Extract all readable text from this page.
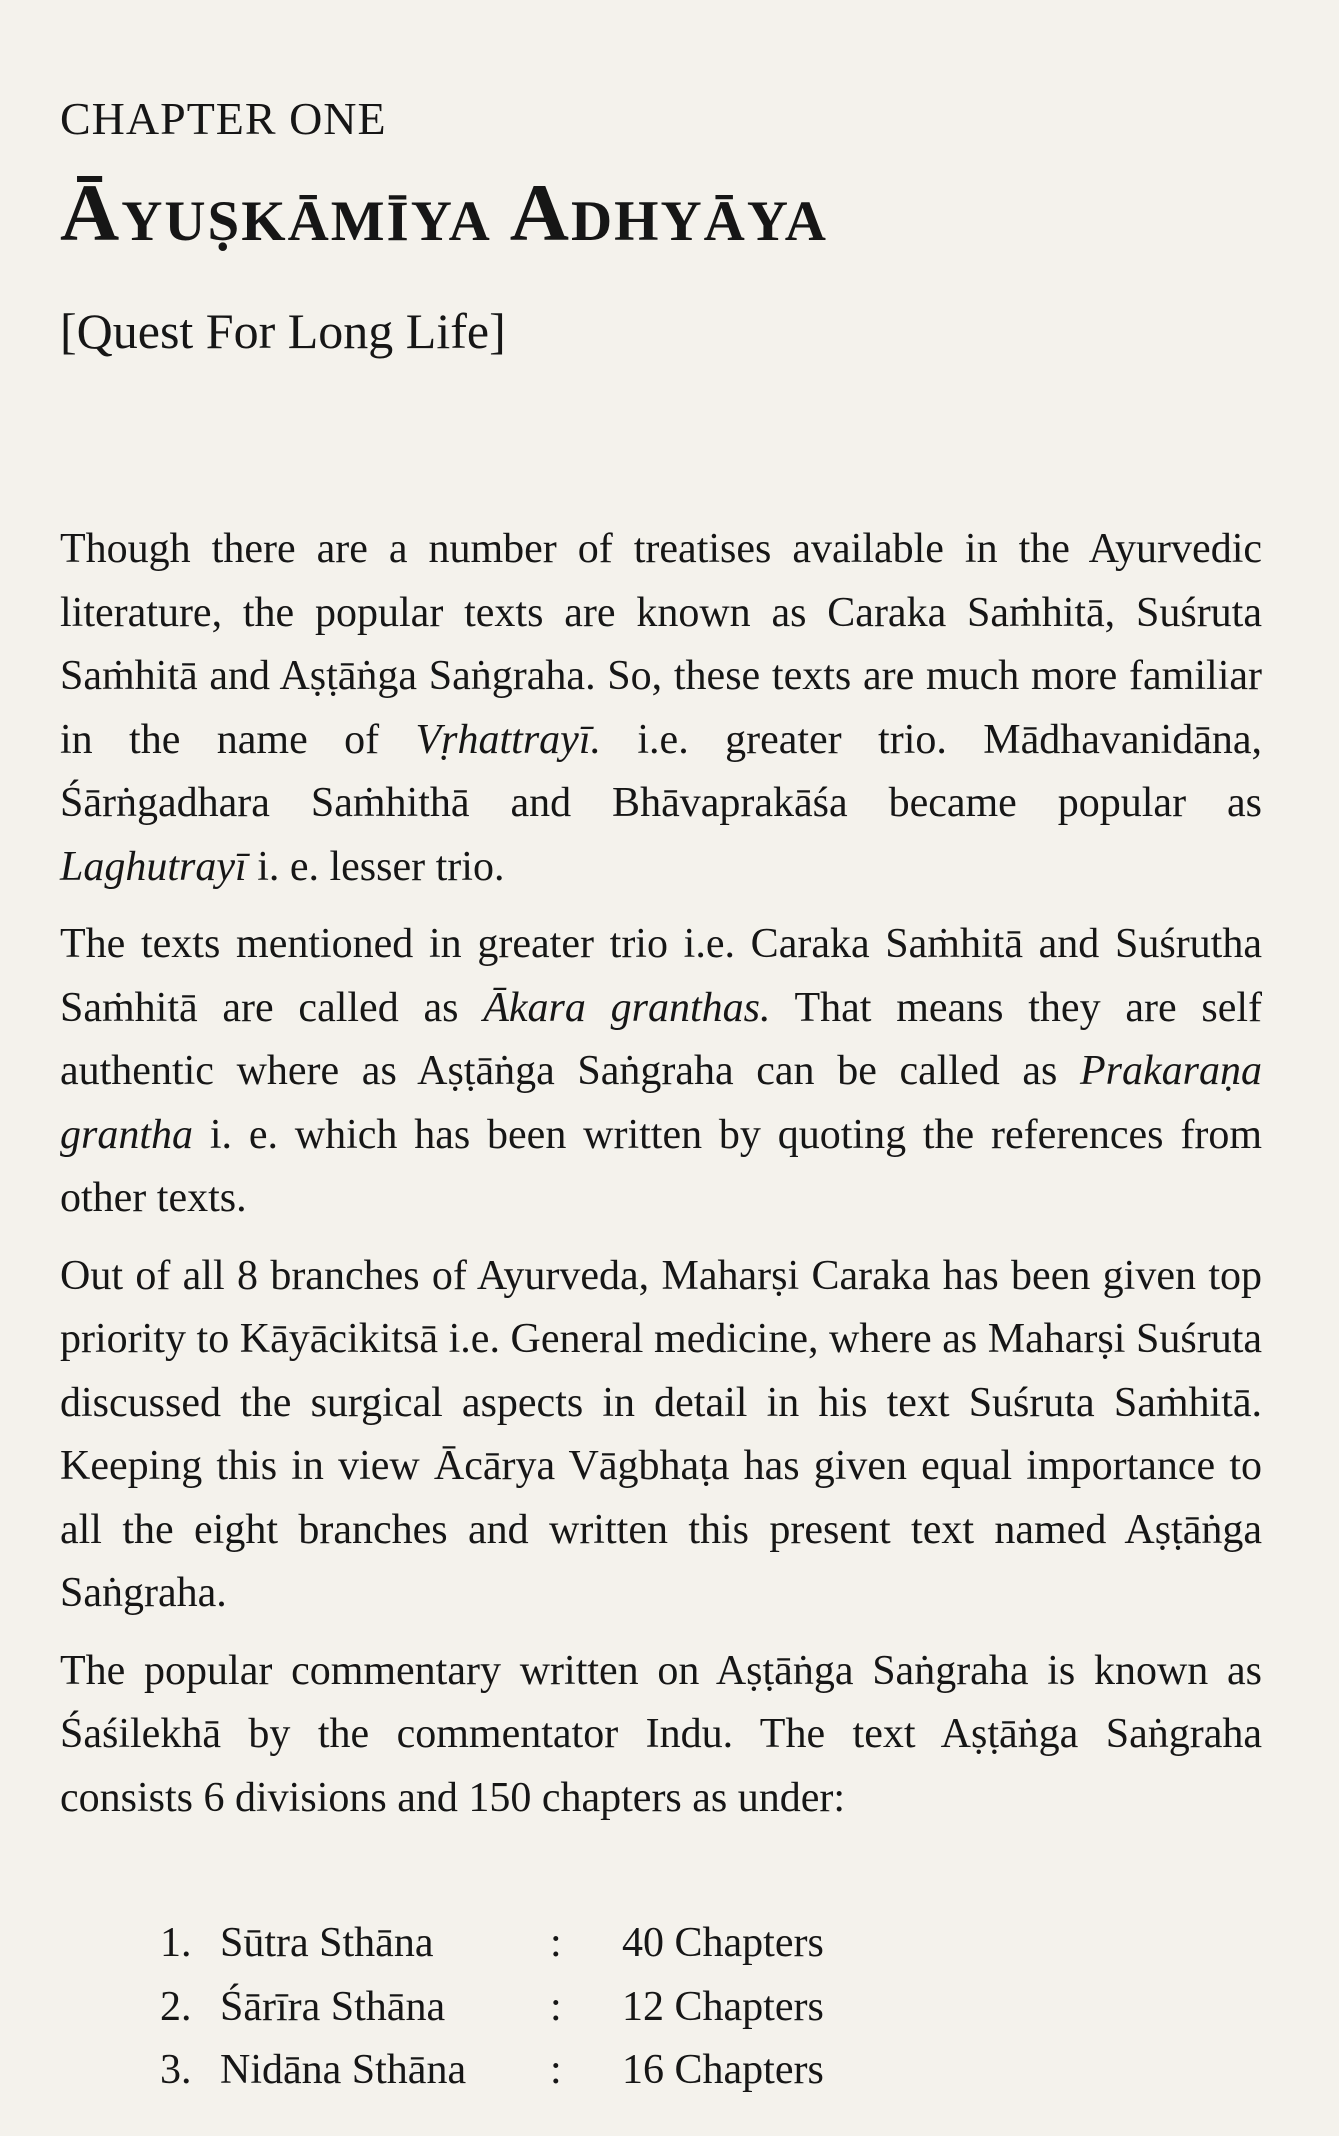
CHAPTER ONE
Āyuṣkāmīya Adhyāya
[Quest For Long Life]

Though there are a number of treatises available in the Ayurvedic literature, the popular texts are known as Caraka Saṁhitā, Suśruta Saṁhitā and Aṣṭāṅga Saṅgraha. So, these texts are much more familiar in the name of Vṛhattrayī. i.e. greater trio. Mādhavanidāna, Śārṅgadhara Saṁhithā and Bhāvaprakāśa became popular as Laghutrayī i. e. lesser trio.

The texts mentioned in greater trio i.e. Caraka Saṁhitā and Suśrutha Saṁhitā are called as Ākara granthas. That means they are self authentic where as Aṣṭāṅga Saṅgraha can be called as Prakaraṇa grantha i. e. which has been written by quoting the references from other texts.

Out of all 8 branches of Ayurveda, Maharṣi Caraka has been given top priority to Kāyācikitsā i.e. General medicine, where as Maharṣi Suśruta discussed the surgical aspects in detail in his text Suśruta Saṁhitā. Keeping this in view Ācārya Vāgbhaṭa has given equal importance to all the eight branches and written this present text named Aṣṭāṅga Saṅgraha.

The popular commentary written on Aṣṭāṅga Saṅgraha is known as Śaśilekhā by the commentator Indu. The text Aṣṭāṅga Saṅgraha consists 6 divisions and 150 chapters as under:

1. Sūtra Sthāna	:	40 Chapters
2. Śārīra Sthāna	:	12 Chapters
3. Nidāna Sthāna	:	16 Chapters
